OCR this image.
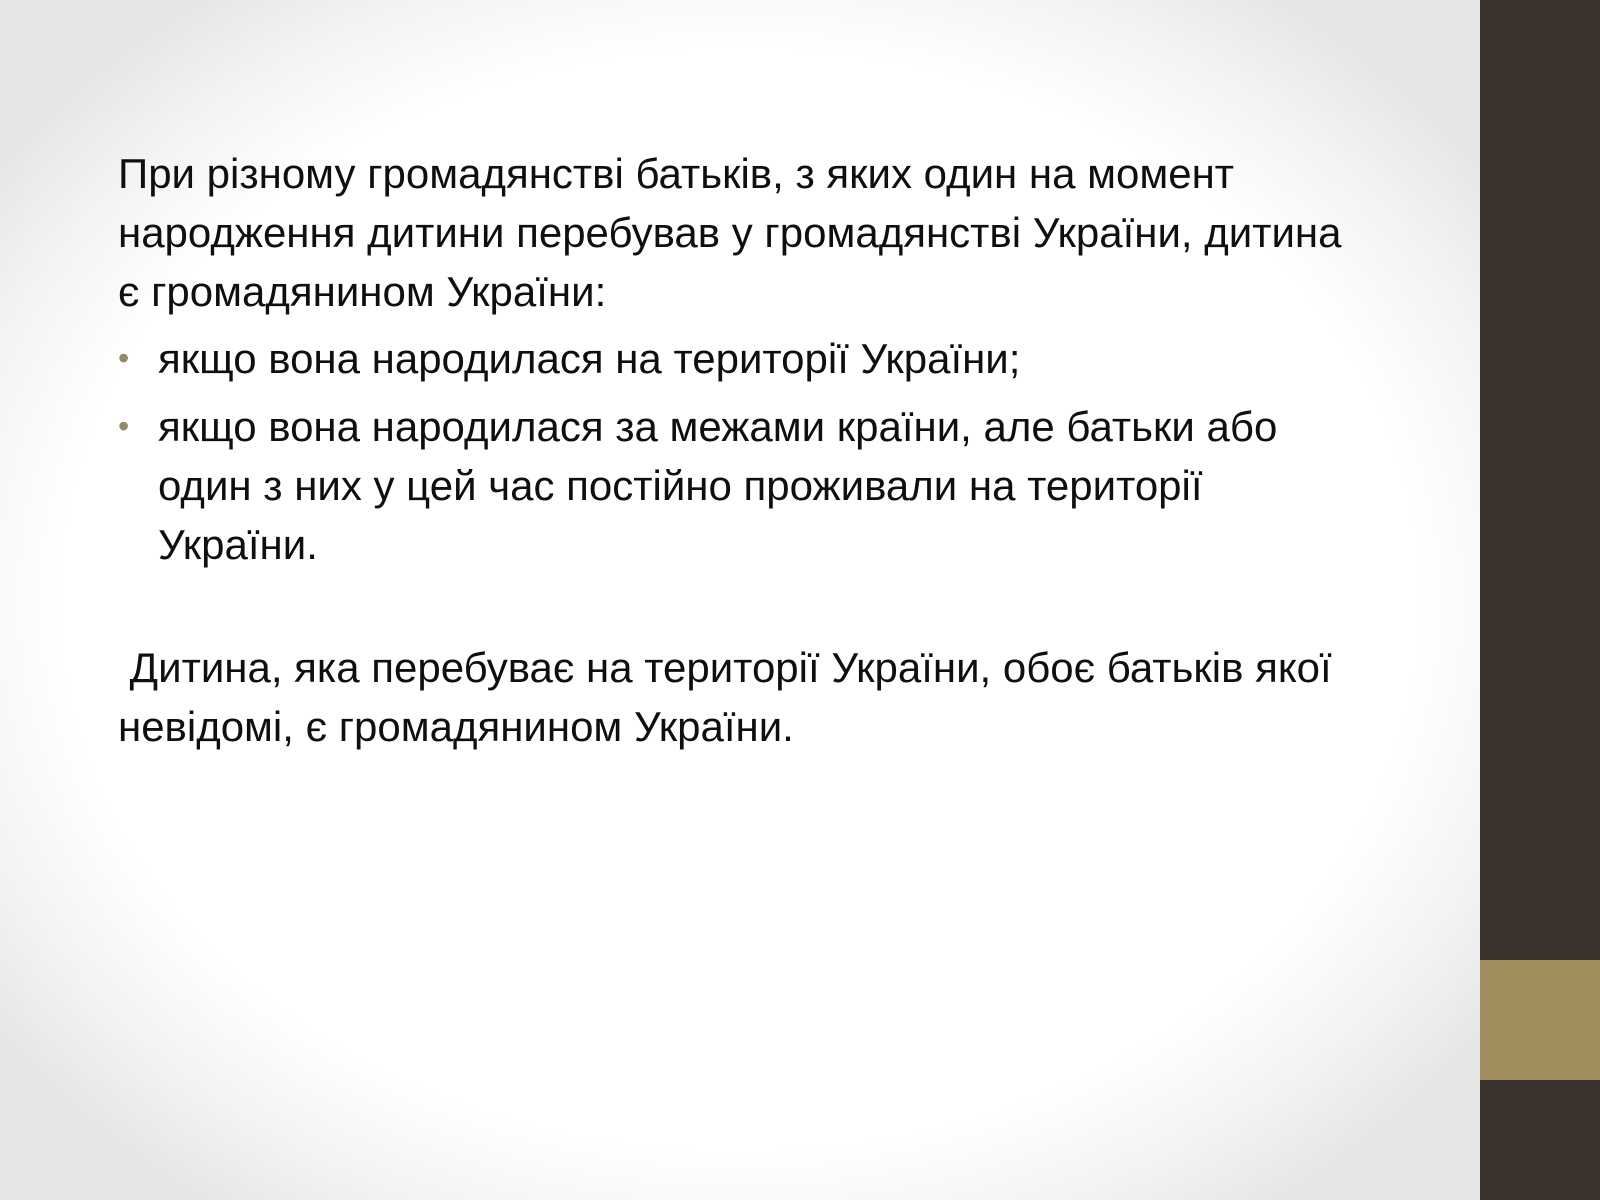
При різному громадянстві батьків, з яких один на момент народження дитини перебував у громадянстві України, дитина є громадянином України:

• якщо вона народилася на території України;
• якщо вона народилася за межами країни, але батьки або один з них у цей час постійно проживали на території України.

Дитина, яка перебуває на території України, обоє батьків якої невідомі, є громадянином України.
